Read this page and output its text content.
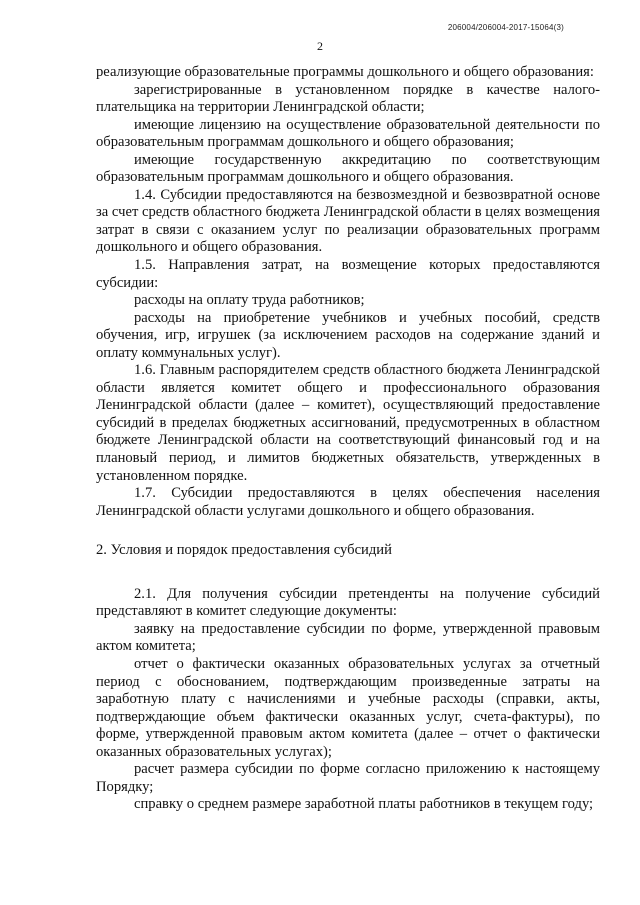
206004/206004-2017-15064(3)
2

реализующие образовательные программы дошкольного и общего образования:

зарегистрированные в установленном порядке в качестве налого-плательщика на территории Ленинградской области;

имеющие лицензию на осуществление образовательной деятельности по образовательным программам дошкольного и общего образования;

имеющие государственную аккредитацию по соответствующим образовательным программам дошкольного и общего образования.

1.4. Субсидии предоставляются на безвозмездной и безвозвратной основе за счет средств областного бюджета Ленинградской области в целях возмещения затрат в связи с оказанием услуг по реализации образовательных программ дошкольного и общего образования.

1.5. Направления затрат, на возмещение которых предоставляются субсидии:

расходы на оплату труда работников;

расходы на приобретение учебников и учебных пособий, средств обучения, игр, игрушек (за исключением расходов на содержание зданий и оплату коммунальных услуг).

1.6. Главным распорядителем средств областного бюджета Ленинградской области является комитет общего и профессионального образования Ленинградской области (далее – комитет), осуществляющий предоставление субсидий в пределах бюджетных ассигнований, предусмотренных в областном бюджете Ленинградской области на соответствующий финансовый год и на плановый период, и лимитов бюджетных обязательств, утвержденных в установленном порядке.

1.7. Субсидии предоставляются в целях обеспечения населения Ленинградской области услугами дошкольного и общего образования.

2. Условия и порядок предоставления субсидий

2.1. Для получения субсидии претенденты на получение субсидий представляют в комитет следующие документы:

заявку на предоставление субсидии по форме, утвержденной правовым актом комитета;

отчет о фактически оказанных образовательных услугах за отчетный период с обоснованием, подтверждающим произведенные затраты на заработную плату с начислениями и учебные расходы (справки, акты, подтверждающие объем фактически оказанных услуг, счета-фактуры), по форме, утвержденной правовым актом комитета (далее – отчет о фактически оказанных образовательных услугах);

расчет размера субсидии по форме согласно приложению к настоящему Порядку;

справку о среднем размере заработной платы работников в текущем году;
